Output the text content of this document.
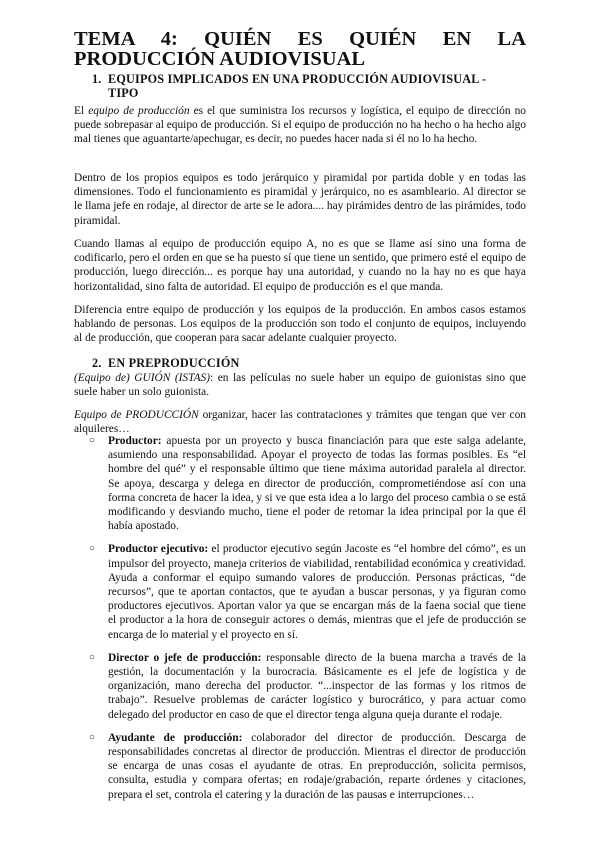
TEMA 4: QUIÉN ES QUIÉN EN LA
PRODUCCIÓN AUDIOVISUAL
1. EQUIPOS IMPLICADOS EN UNA PRODUCCIÓN AUDIOVISUAL -
TIPO

El equipo de producción es el que suministra los recursos y logística, el equipo de dirección no puede sobrepasar al equipo de producción. Si el equipo de producción no ha hecho o ha hecho algo mal tienes que aguantarte/apechugar, es decir, no puedes hacer nada si él no lo ha hecho.

Dentro de los propios equipos es todo jerárquico y piramidal por partida doble y en todas las dimensiones. Todo el funcionamiento es piramidal y jerárquico, no es asambleario. Al director se le llama jefe en rodaje, al director de arte se le adora.... hay pirámides dentro de las pirámides, todo piramidal.

Cuando llamas al equipo de producción equipo A, no es que se llame así sino una forma de codificarlo, pero el orden en que se ha puesto sí que tiene un sentido, que primero esté el equipo de producción, luego dirección... es porque hay una autoridad, y cuando no la hay no es que haya horizontalidad, sino falta de autoridad. El equipo de producción es el que manda.

Diferencia entre equipo de producción y los equipos de la producción. En ambos casos estamos hablando de personas. Los equipos de la producción son todo el conjunto de equipos, incluyendo al de producción, que cooperan para sacar adelante cualquier proyecto.

2. EN PREPRODUCCIÓN

(Equipo de) GUIÓN (ISTAS): en las películas no suele haber un equipo de guionistas sino que suele haber un solo guionista.

Equipo de PRODUCCIÓN organizar, hacer las contrataciones y trámites que tengan que ver con alquileres…

○ Productor: apuesta por un proyecto y busca financiación para que este salga adelante, asumiendo una responsabilidad. Apoyar el proyecto de todas las formas posibles. Es “el hombre del qué” y el responsable último que tiene máxima autoridad paralela al director. Se apoya, descarga y delega en director de producción, comprometiéndose así con una forma concreta de hacer la idea, y si ve que esta idea a lo largo del proceso cambia o se está modificando y desviando mucho, tiene el poder de retomar la idea principal por la que él había apostado.
○ Productor ejecutivo: el productor ejecutivo según Jacoste es “el hombre del cómo”, es un impulsor del proyecto, maneja criterios de viabilidad, rentabilidad económica y creatividad. Ayuda a conformar el equipo sumando valores de producción. Personas prácticas, “de recursos”, que te aportan contactos, que te ayudan a buscar personas, y ya figuran como productores ejecutivos. Aportan valor ya que se encargan más de la faena social que tiene el productor a la hora de conseguir actores o demás, mientras que el jefe de producción se encarga de lo material y el proyecto en sí.
○ Director o jefe de producción: responsable directo de la buena marcha a través de la gestión, la documentación y la burocracia. Básicamente es el jefe de logística y de organización, mano derecha del productor. “...inspector de las formas y los ritmos de trabajo”. Resuelve problemas de carácter logístico y burocrático, y para actuar como delegado del productor en caso de que el director tenga alguna queja durante el rodaje.
○ Ayudante de producción: colaborador del director de producción. Descarga de responsabilidades concretas al director de producción. Mientras el director de producción se encarga de unas cosas el ayudante de otras. En preproducción, solicita permisos, consulta, estudia y compara ofertas; en rodaje/grabación, reparte órdenes y citaciones, prepara el set, controla el catering y la duración de las pausas e interrupciones…
